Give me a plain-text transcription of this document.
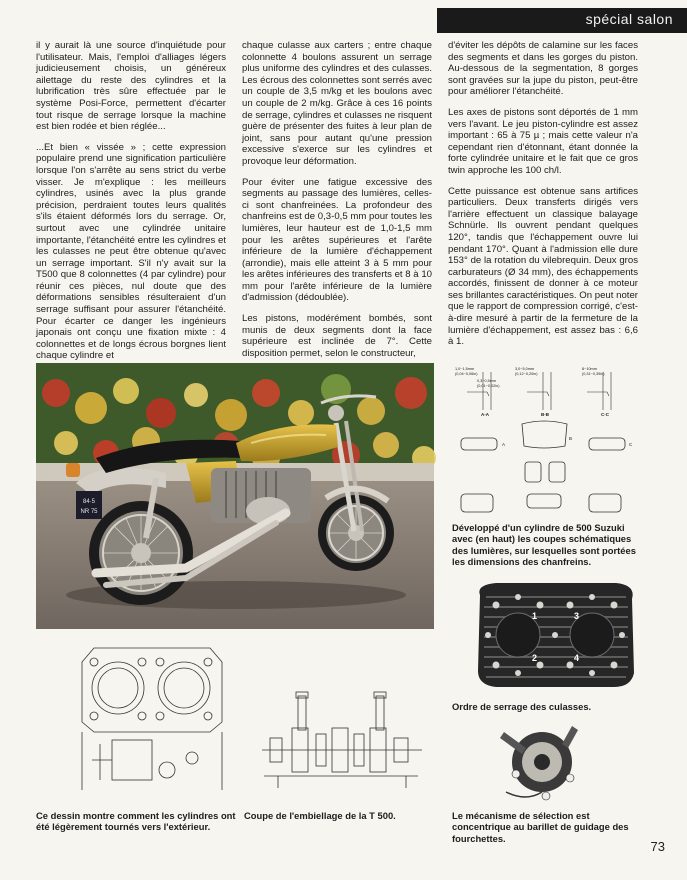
spécial salon

il y aurait là une source d'inquiétude pour l'utilisateur. Mais, l'emploi d'alliages légers judicieusement choisis, un généreux ailettage du reste des cylindres et la lubrification très sûre effectuée par le système Posi-Force, permettent d'écarter tout risque de serrage lorsque la machine est bien rodée et bien réglée...

...Et bien « vissée » ; cette expression populaire prend une signification particulière lorsque l'on s'arrête au sens strict du verbe visser. Je m'explique : les meilleurs cylindres, usinés avec la plus grande précision, perdraient toutes leurs qualités s'ils étaient déformés lors du serrage. Or, surtout avec une cylindrée unitaire importante, l'étanchéité entre les cylindres et les culasses ne peut être obtenue qu'avec un serrage important. S'il n'y avait sur la T500 que 8 colonnettes (4 par cylindre) pour réunir ces pièces, nul doute que des déformations sensibles résulteraient d'un serrage suffisant pour assurer l'étanchéité. Pour écarter ce danger les ingénieurs japonais ont conçu une fixation mixte : 4 colonnettes et de longs écrous borgnes lient chaque cylindre et

chaque culasse aux carters ; entre chaque colonnette 4 boulons assurent un serrage plus uniforme des cylindres et des culasses. Les écrous des colonnettes sont serrés avec un couple de 3,5 m/kg et les boulons avec un couple de 2 m/kg. Grâce à ces 16 points de serrage, cylindres et culasses ne risquent guère de présenter des fuites à leur plan de joint, sans pour autant qu'une pression excessive s'exerce sur les cylindres et provoque leur déformation.

Pour éviter une fatigue excessive des segments au passage des lumières, celles-ci sont chanfreinées. La profondeur des chanfreins est de 0,3-0,5 mm pour toutes les lumières, leur hauteur est de 1,0-1,5 mm pour les arêtes supérieures et l'arête inférieure de la lumière d'échappement (arrondie), mais elle atteint 3 à 5 mm pour les arêtes inférieures des transferts et 8 à 10 mm pour l'arête inférieure de la lumière d'admission (dédoublée).

Les pistons, modérément bombés, sont munis de deux segments dont la face supérieure est inclinée de 7°. Cette disposition permet, selon le constructeur,

d'éviter les dépôts de calamine sur les faces des segments et dans les gorges du piston. Au-dessous de la segmentation, 8 gorges sont gravées sur la jupe du piston, peut-être pour améliorer l'étanchéité.

Les axes de pistons sont déportés de 1 mm vers l'avant. Le jeu piston-cylindre est assez important : 65 à 75 µ ; mais cette valeur n'a cependant rien d'étonnant, étant donnée la forte cylindrée unitaire et le fait que ce gros twin approche les 100 ch/l.

Cette puissance est obtenue sans artifices particuliers. Deux transferts dirigés vers l'arrière effectuent un classique balayage Schnürle. Ils ouvrent pendant quelques 120°, tandis que l'échappement ouvre lui pendant 170°. Quant à l'admission elle dure 153° de la rotation du vilebrequin. Deux gros carburateurs (Ø 34 mm), des échappements accordés, finissent de donner à ce moteur ses brillantes caractéristiques. On peut noter que le rapport de compression corrigé, c'est-à-dire mesuré à partir de la fermeture de la lumière d'échappement, est assez bas : 6,6 à 1.

84·5
NR 75
1,0~1,5mm
(0,04~0,06in)
3,0~5,0mm
(0,12~0,20in)
8~10mm
(0,31~0,39in)
0,3~0,5mm
(0,01~0,02in)
A-A	B-B	C-C
A
B
C
Développé d'un cylindre de 500 Suzuki avec (en haut) les coupes schématiques des lumières, sur lesquelles sont portées les dimensions des chanfreins.
1
2
3
4
Ordre de serrage des culasses.
Ce dessin montre comment les cylindres ont été légèrement tournés vers l'extérieur.
Coupe de l'embiellage de la T 500.	Le mécanisme de sélection est concentrique au barillet de guidage des fourchettes.
73
